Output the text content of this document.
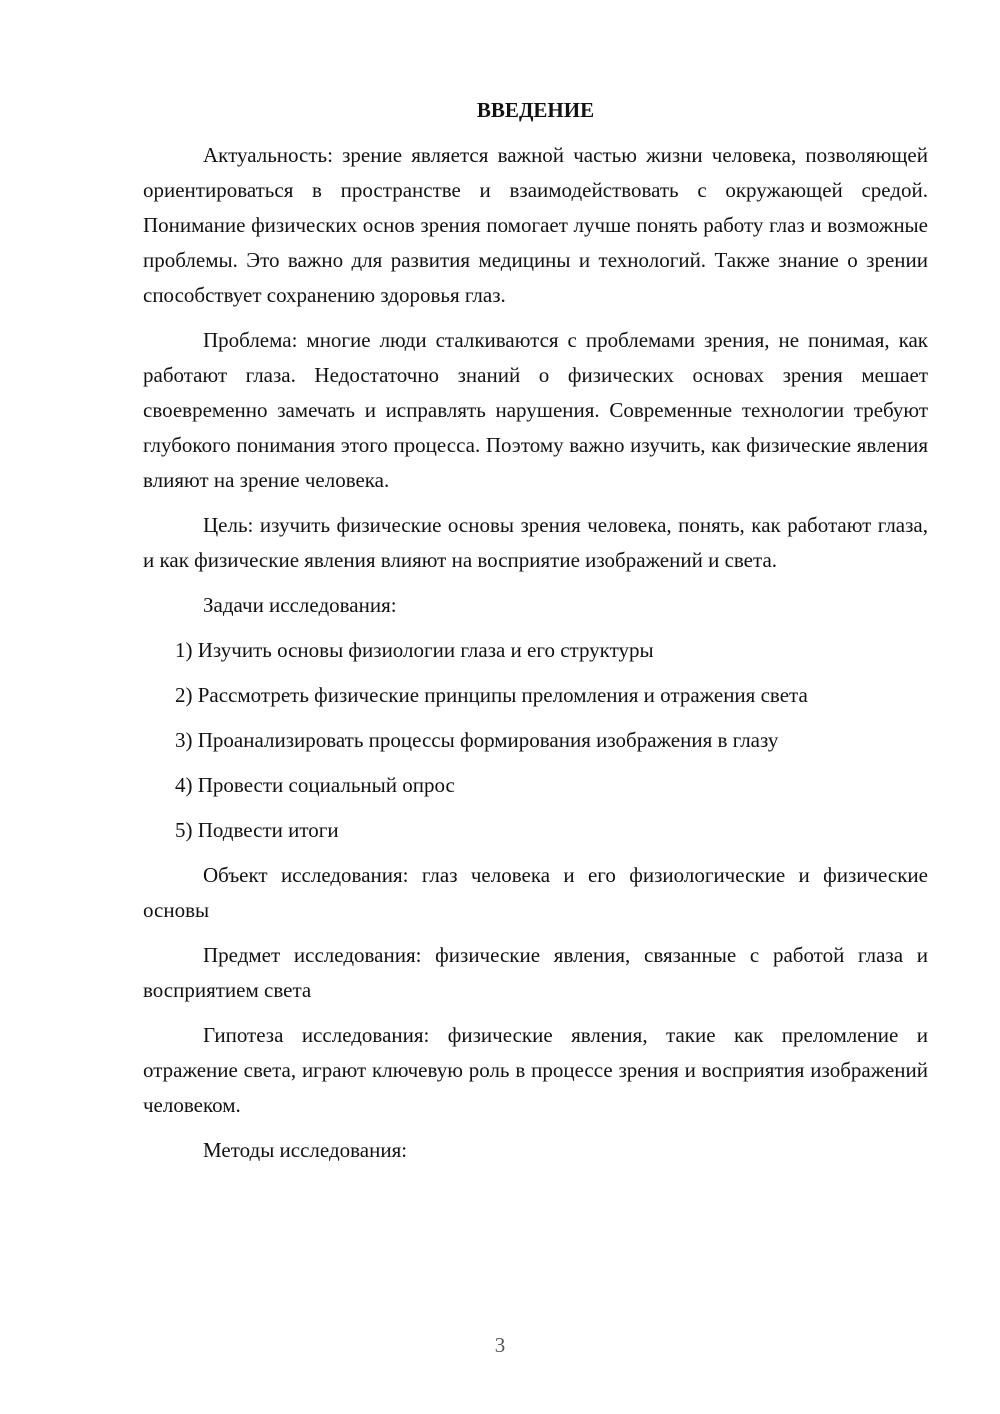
ВВЕДЕНИЕ

Актуальность: зрение является важной частью жизни человека, позволяющей ориентироваться в пространстве и взаимодействовать с окружающей средой. Понимание физических основ зрения помогает лучше понять работу глаз и возможные проблемы. Это важно для развития медицины и технологий. Также знание о зрении способствует сохранению здоровья глаз.

Проблема: многие люди сталкиваются с проблемами зрения, не понимая, как работают глаза. Недостаточно знаний о физических основах зрения мешает своевременно замечать и исправлять нарушения. Современные технологии требуют глубокого понимания этого процесса. Поэтому важно изучить, как физические явления влияют на зрение человека.

Цель: изучить физические основы зрения человека, понять, как работают глаза, и как физические явления влияют на восприятие изображений и света.

Задачи исследования:

1) Изучить основы физиологии глаза и его структуры
2) Рассмотреть физические принципы преломления и отражения света
3) Проанализировать процессы формирования изображения в глазу
4) Провести социальный опрос
5) Подвести итоги

Объект исследования: глаз человека и его физиологические и физические основы

Предмет исследования: физические явления, связанные с работой глаза и восприятием света

Гипотеза исследования: физические явления, такие как преломление и отражение света, играют ключевую роль в процессе зрения и восприятия изображений человеком.

Методы исследования:

3
